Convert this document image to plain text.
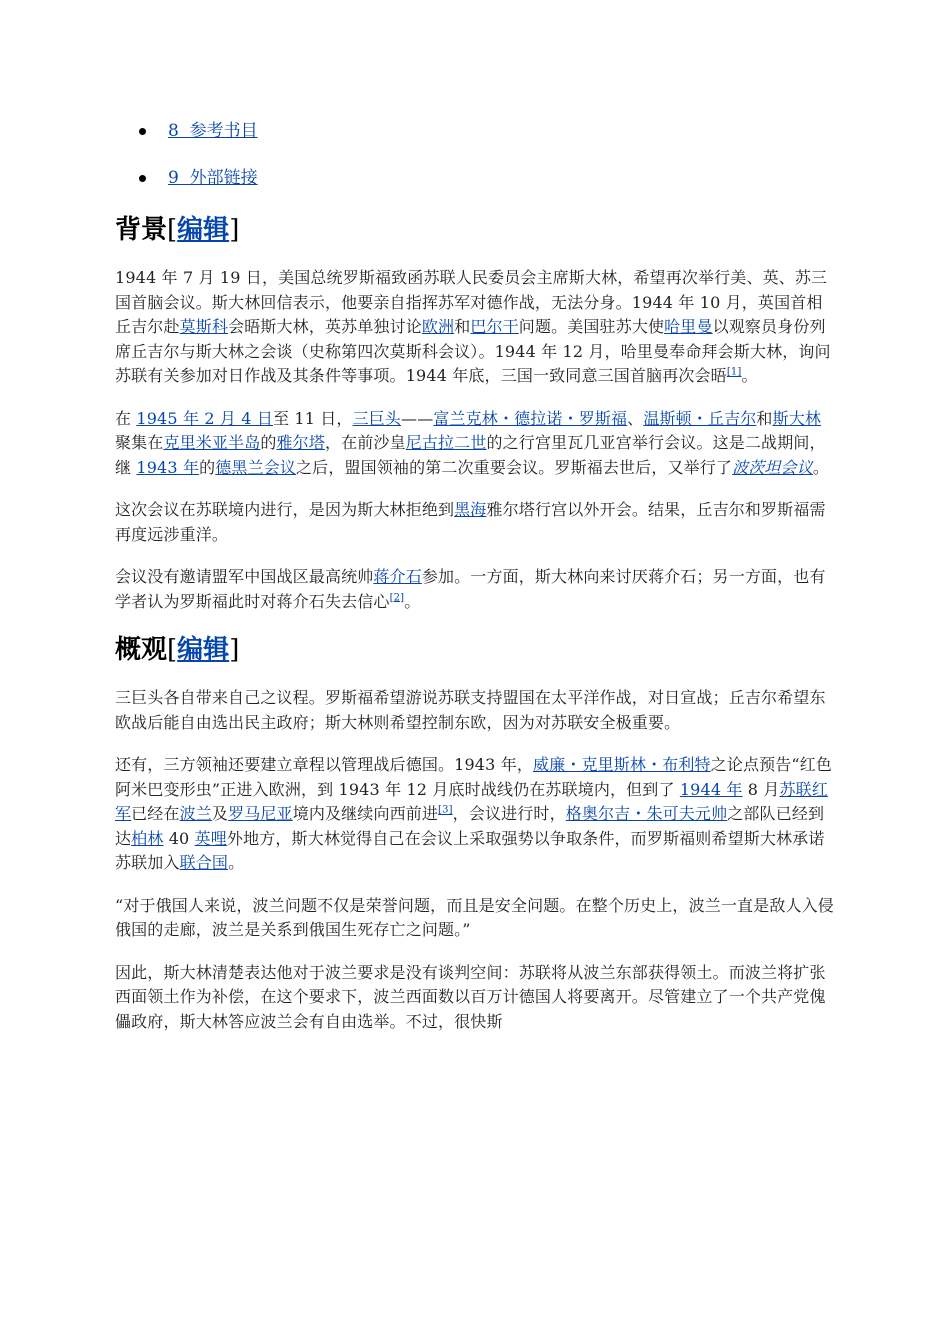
8 参考书目
9 外部链接
背景[编辑]

1944 年 7 月 19 日，美国总统罗斯福致函苏联人民委员会主席斯大林，希望再次举行美、英、苏三国首脑会议。斯大林回信表示，他要亲自指挥苏军对德作战，无法分身。1944 年 10 月，英国首相丘吉尔赴莫斯科会晤斯大林，英苏单独讨论欧洲和巴尔干问题。美国驻苏大使哈里曼以观察员身份列席丘吉尔与斯大林之会谈（史称第四次莫斯科会议）。1944 年 12 月，哈里曼奉命拜会斯大林，询问苏联有关参加对日作战及其条件等事项。1944 年底，三国一致同意三国首脑再次会晤[1]。

在 1945 年 2 月 4 日至 11 日，三巨头——富兰克林・德拉诺・罗斯福、温斯顿・丘吉尔和斯大林聚集在克里米亚半岛的雅尔塔，在前沙皇尼古拉二世的之行宫里瓦几亚宫举行会议。这是二战期间，继 1943 年的德黑兰会议之后，盟国领袖的第二次重要会议。罗斯福去世后，又举行了波茨坦会议。

这次会议在苏联境内进行，是因为斯大林拒绝到黑海雅尔塔行宫以外开会。结果，丘吉尔和罗斯福需再度远涉重洋。

会议没有邀请盟军中国战区最高统帅蒋介石参加。一方面，斯大林向来讨厌蒋介石；另一方面，也有学者认为罗斯福此时对蒋介石失去信心[2]。

概观[编辑]

三巨头各自带来自己之议程。罗斯福希望游说苏联支持盟国在太平洋作战，对日宣战；丘吉尔希望东欧战后能自由选出民主政府；斯大林则希望控制东欧，因为对苏联安全极重要。

还有，三方领袖还要建立章程以管理战后德国。1943 年，威廉・克里斯林・布利特之论点预告“红色阿米巴变形虫”正进入欧洲，到 1943 年 12 月底时战线仍在苏联境内，但到了 1944 年 8 月苏联红军已经在波兰及罗马尼亚境内及继续向西前进[3]，会议进行时，格奥尔吉・朱可夫元帅之部队已经到达柏林 40 英哩外地方，斯大林觉得自己在会议上采取强势以争取条件，而罗斯福则希望斯大林承诺苏联加入联合国。

“对于俄国人来说，波兰问题不仅是荣誉问题，而且是安全问题。在整个历史上，波兰一直是敌人入侵俄国的走廊，波兰是关系到俄国生死存亡之问题。”

因此，斯大林清楚表达他对于波兰要求是没有谈判空间：苏联将从波兰东部获得领土。而波兰将扩张西面领土作为补偿，在这个要求下，波兰西面数以百万计德国人将要离开。尽管建立了一个共产党傀儡政府，斯大林答应波兰会有自由选举。不过，很快斯
